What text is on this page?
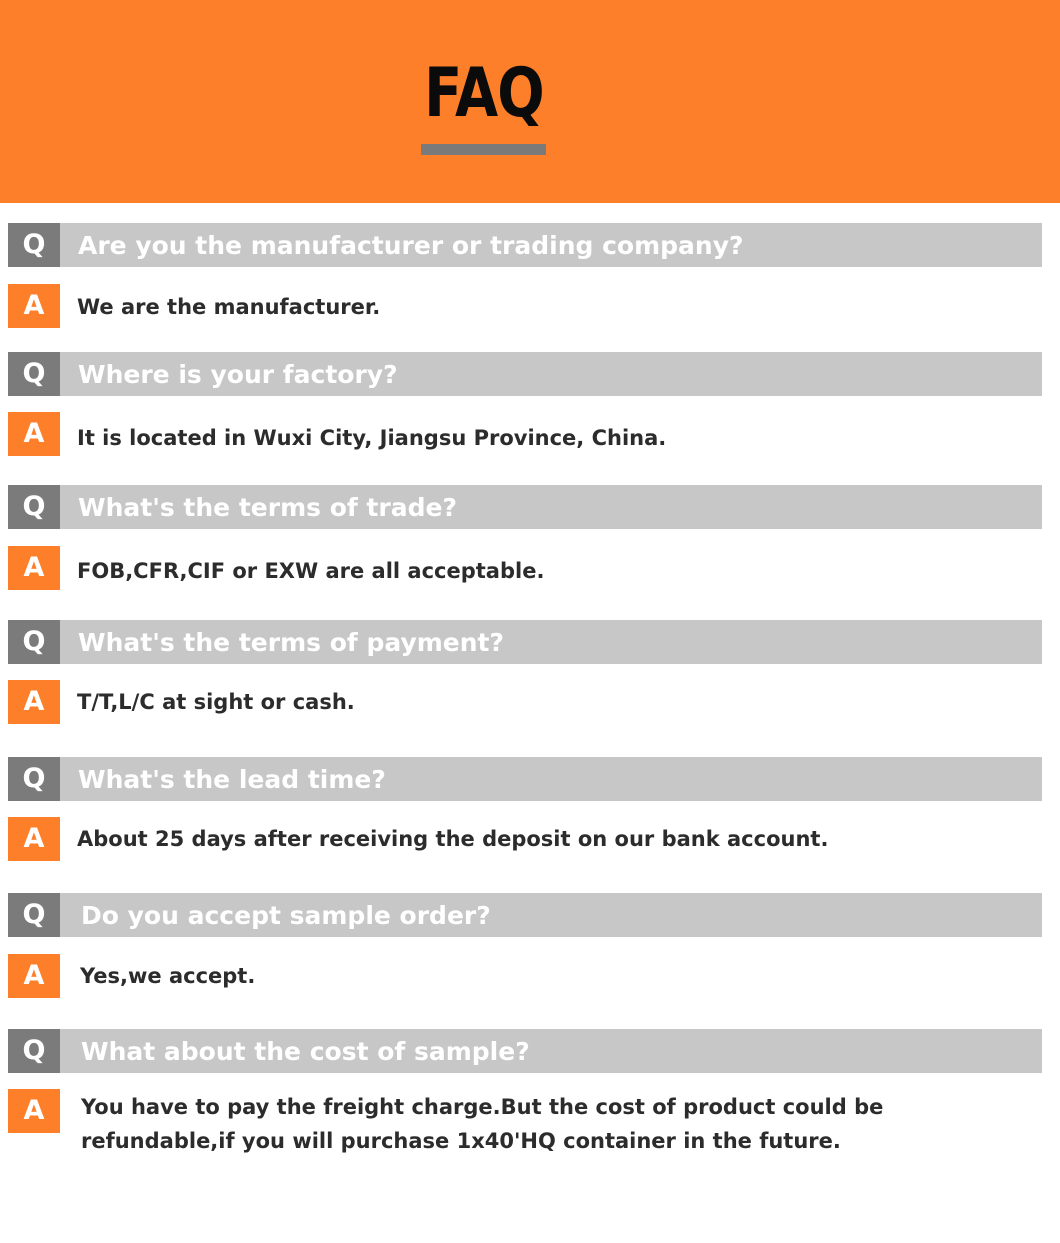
FAQ
Q	Are you the manufacturer or trading company?
A	We are the manufacturer.
Q	Where is your factory?
A	It is located in Wuxi City, Jiangsu Province, China.
Q	What's the terms of trade?
A	FOB,CFR,CIF or EXW are all acceptable.
Q	What's the terms of payment?
A	T/T,L/C at sight or cash.
Q	What's the lead time?
A	About 25 days after receiving the deposit on our bank account.
Q	Do you accept sample order?
A	Yes,we accept.
Q	What about the cost of sample?
A	You have to pay the freight charge.But the cost of product could be refundable,if you will purchase 1x40'HQ container in the future.
